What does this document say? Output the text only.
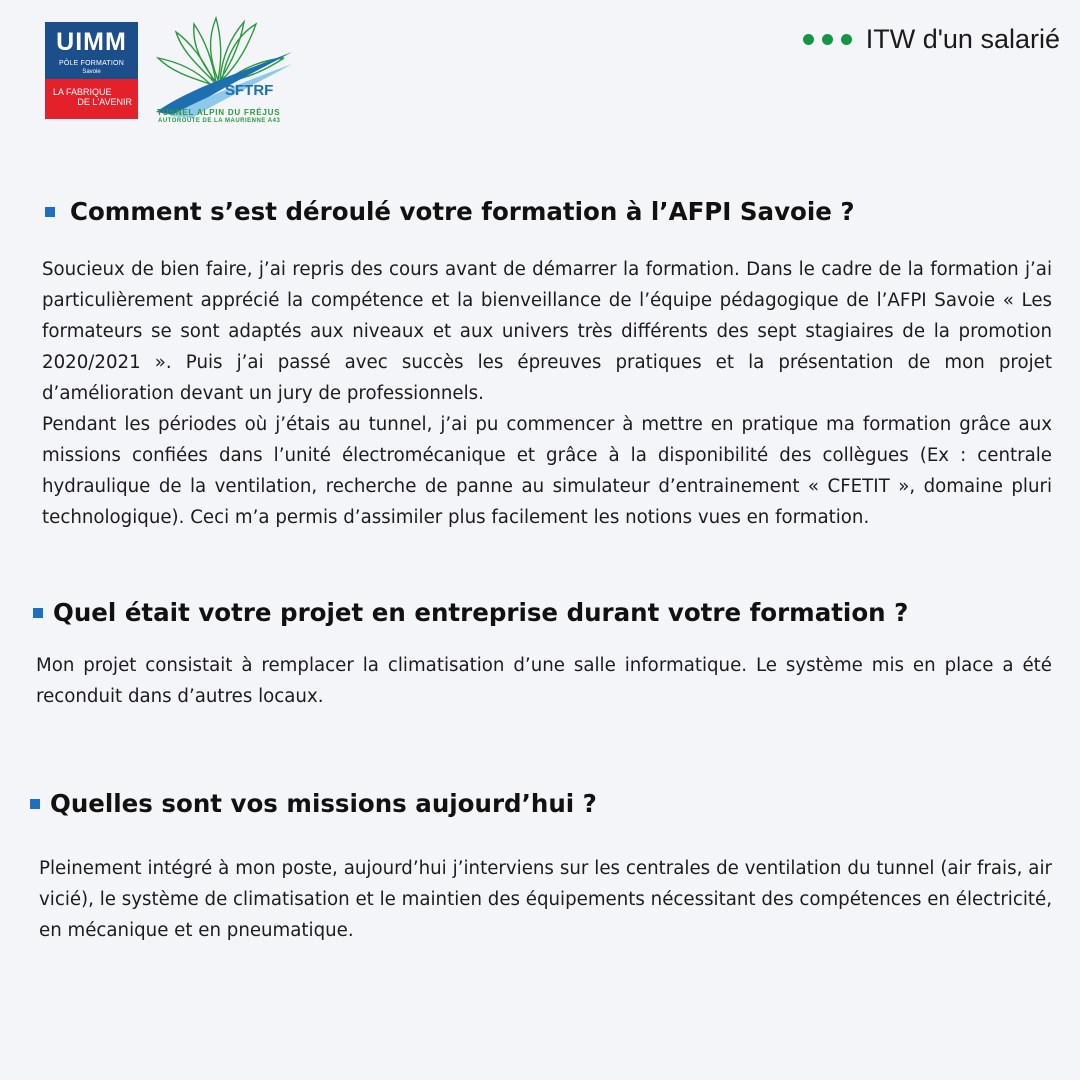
UIMM
PÔLE FORMATION
Savoie
LA FABRIQUE
DE L'AVENIR
SFTRF
TUNNEL ALPIN DU FRÉJUS
AUTOROUTE DE LA MAURIENNE A43
ITW d'un salarié
Comment s’est déroulé votre formation à l’AFPI Savoie ?

Soucieux de bien faire, j’ai repris des cours avant de démarrer la formation. Dans le cadre de la formation j’ai particulièrement apprécié la compétence et la bienveillance de l’équipe pédagogique de l’AFPI Savoie « Les formateurs se sont adaptés aux niveaux et aux univers très différents des sept stagiaires de la promotion 2020/2021 ». Puis j’ai passé avec succès les épreuves pratiques et la présentation de mon projet d’amélioration devant un jury de professionnels.

Pendant les périodes où j’étais au tunnel, j’ai pu commencer à mettre en pratique ma formation grâce aux missions confiées dans l’unité électromécanique et grâce à la disponibilité des collègues (Ex : centrale hydraulique de la ventilation, recherche de panne au simulateur d’entrainement « CFETIT », domaine pluri technologique). Ceci m’a permis d’assimiler plus facilement les notions vues en formation.

Quel était votre projet en entreprise durant votre formation ?

Mon projet consistait à remplacer la climatisation d’une salle informatique. Le système mis en place a été reconduit dans d’autres locaux.

Quelles sont vos missions aujourd’hui ?

Pleinement intégré à mon poste, aujourd’hui j’interviens sur les centrales de ventilation du tunnel (air frais, air vicié), le système de climatisation et le maintien des équipements nécessitant des compétences en électricité, en mécanique et en pneumatique.
